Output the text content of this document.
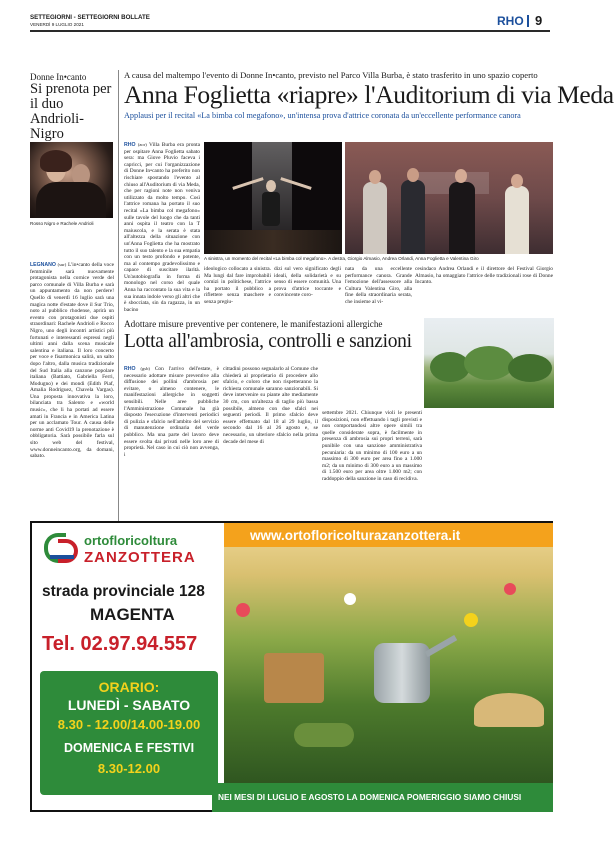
SETTEGIORNI - SETTEGIORNI BOLLATE
VENERDÌ 9 LUGLIO 2021	RHO 9
Donne In•canto
Si prenota per il duo Andrioli-Nigro
Rosso Nigro e Rachele Andrioli
LEGNANO (sur) L'in•canto della voce femminile sarà nuovamente protagonista nella cornice verde del parco comunale di Villa Burba e sarà un appuntamento da non perdere! Quello di venerdì 16 luglio sarà una magica notte d'estate dove il Sur Trio, noto al pubblico rhodense, aprirà un evento con protagonisti due ospiti straordinari: Rachele Andrioli e Rocco Nigro, uno degli incontri artistici più fortunati e interessanti espressi negli ultimi anni dalla scena musicale salentina e italiana. Il loro concerto per voce e fisarmonica salirà, un salto dopo l'altro, dalla musica tradizionale del Sud Italia alla canzone popolare italiana (Battiato, Gabriella Ferri, Modugno) e dei mondi (Edith Piaf, Amalia Rodriguez, Chavela Vargas). Una proposta innovativa la loro, bilanciata tra Salento e «world music», che li ha portati ad essere amati in Francia e in America Latina per un acclamato Tour. A causa delle norme anti Covid19 la prenotazione è obbligatoria. Sarà possibile farla sul sito web del festival, www.donneincanto.org, da domani, sabato.
A causa del maltempo l'evento di Donne In•canto, previsto nel Parco Villa Burba, è stato trasferito in uno spazio coperto
Anna Foglietta «riapre» l'Auditorium di via Meda
Applausi per il recital «La bimba col megafono», un'intensa prova d'attrice coronata da un'eccellente performance canora
RHO (aor) Villa Burba era pronta per ospitare Anna Foglietta sabato sera: ma Giove Pluvio faceva i capricci, per cui l'organizzazione di Donne In•canto ha preferito non rischiare spostando l'evento al chiuso all'Auditorium di via Meda, che per ragioni note non veniva utilizzato da molto tempo. Così l'attrice romana ha portato il suo recital «La bimba col megafono» sulle tavole del luogo che da tanti anni ospita il teatro con la T maiuscola, e la serata è stata all'altezza della situazione con un'Anna Foglietta che ha mostrato tutto il suo talento e la sua empatia con un testo profondo e potente, ma al contempo gradevolissimo e capace di suscitare ilarità. Un'autobiografia in forma di monologo nel corso del quale Anna ha raccontato la sua vita e la sua innata indole verso gli altri che è sbocciata, sin da ragazza, in un bacino
A sinistra, un momento del recital «La bimba col megafono». A destra, Giorgio Almasio, Andrea Orlandi, Anna Foglietta e Valentina Giro
ideologico collocato a sinistra. Ma lungi dal fare improbabili comizi in politichese, l'attrice ha portato il pubblico a riflettere senza maschere e senza pregiu-
dizi sul vero significato degli ideali, della solidarietà e su senso di essere comunità. Una prova d'attrice toccante e convincente coro-
nata da una eccellente performance canora. Grande l'emozione dell'assessore alla Cultura Valentina Giro, alla fine della straordinaria serata, che insieme al vi-
cesindaco Andrea Orlandi e il direttore del Festival Giorgio Almasio, ha omaggiato l'attrice delle tradizionali rose di Donne Incanto.
Adottare misure preventive per contenere, le manifestazioni allergiche
Lotta all'ambrosia, controlli e sanzioni
RHO (gsb) Con l'arrivo dell'estate, è necessario adottare misure preventive alla diffusione dei pollini d'ambrosia per evitare, o almeno contenere, le manifestazioni allergiche in soggetti sensibili. Nelle aree pubbliche l'Amministrazione Comunale ha già disposto l'esecuzione d'interventi periodici di pulizia e sfalcio nell'ambito del servizio di manutenzione ordinaria del verde pubblico. Ma una parte del lavoro deve essere svolta dai privati nelle loro aree di proprietà. Nel caso in cui ciò non avvenga, i
cittadini possono segnalarlo al Comune che chiederà al proprietario di procedere allo sfalcio, e coloro che non rispetteranno la richiesta comunale saranno sanzionabili. Si deve intervenire su piante alte mediamente 30 cm, con un'altezza di taglio più bassa possibile, almeno con due sfalci nei seguenti periodi. Il primo sfalcio deve essere effettuato dal 18 al 29 luglio, il secondo dal 16 al 26 agosto e, se necessario, un ulteriore sfalcio nella prima decade del mese di
settembre 2021. Chiunque violi le presenti disposizioni, non effettuando i tagli previsti e non comportandosi altre opere simili tra quelle considerate sopra, è facilmente in presenza di ambrosia sui propri terreni, sarà punibile con una sanzione amministrativa pecuniaria: da un minimo di 100 euro a un massimo di 300 euro per area fino a 1.000 m2; da un minimo di 300 euro a un massimo di 1.500 euro per area oltre 1.000 m2; con raddoppio della sanzione in caso di recidiva.
ortofloricoltura
ZANZOTTERA
strada provinciale 128
MAGENTA
Tel. 02.97.94.557
ORARIO:
LUNEDÌ - SABATO
8.30 - 12.00/14.00-19.00
DOMENICA E FESTIVI
8.30-12.00
www.ortofloricolturazanzottera.it
NEI MESI DI LUGLIO E AGOSTO LA DOMENICA POMERIGGIO SIAMO CHIUSI
